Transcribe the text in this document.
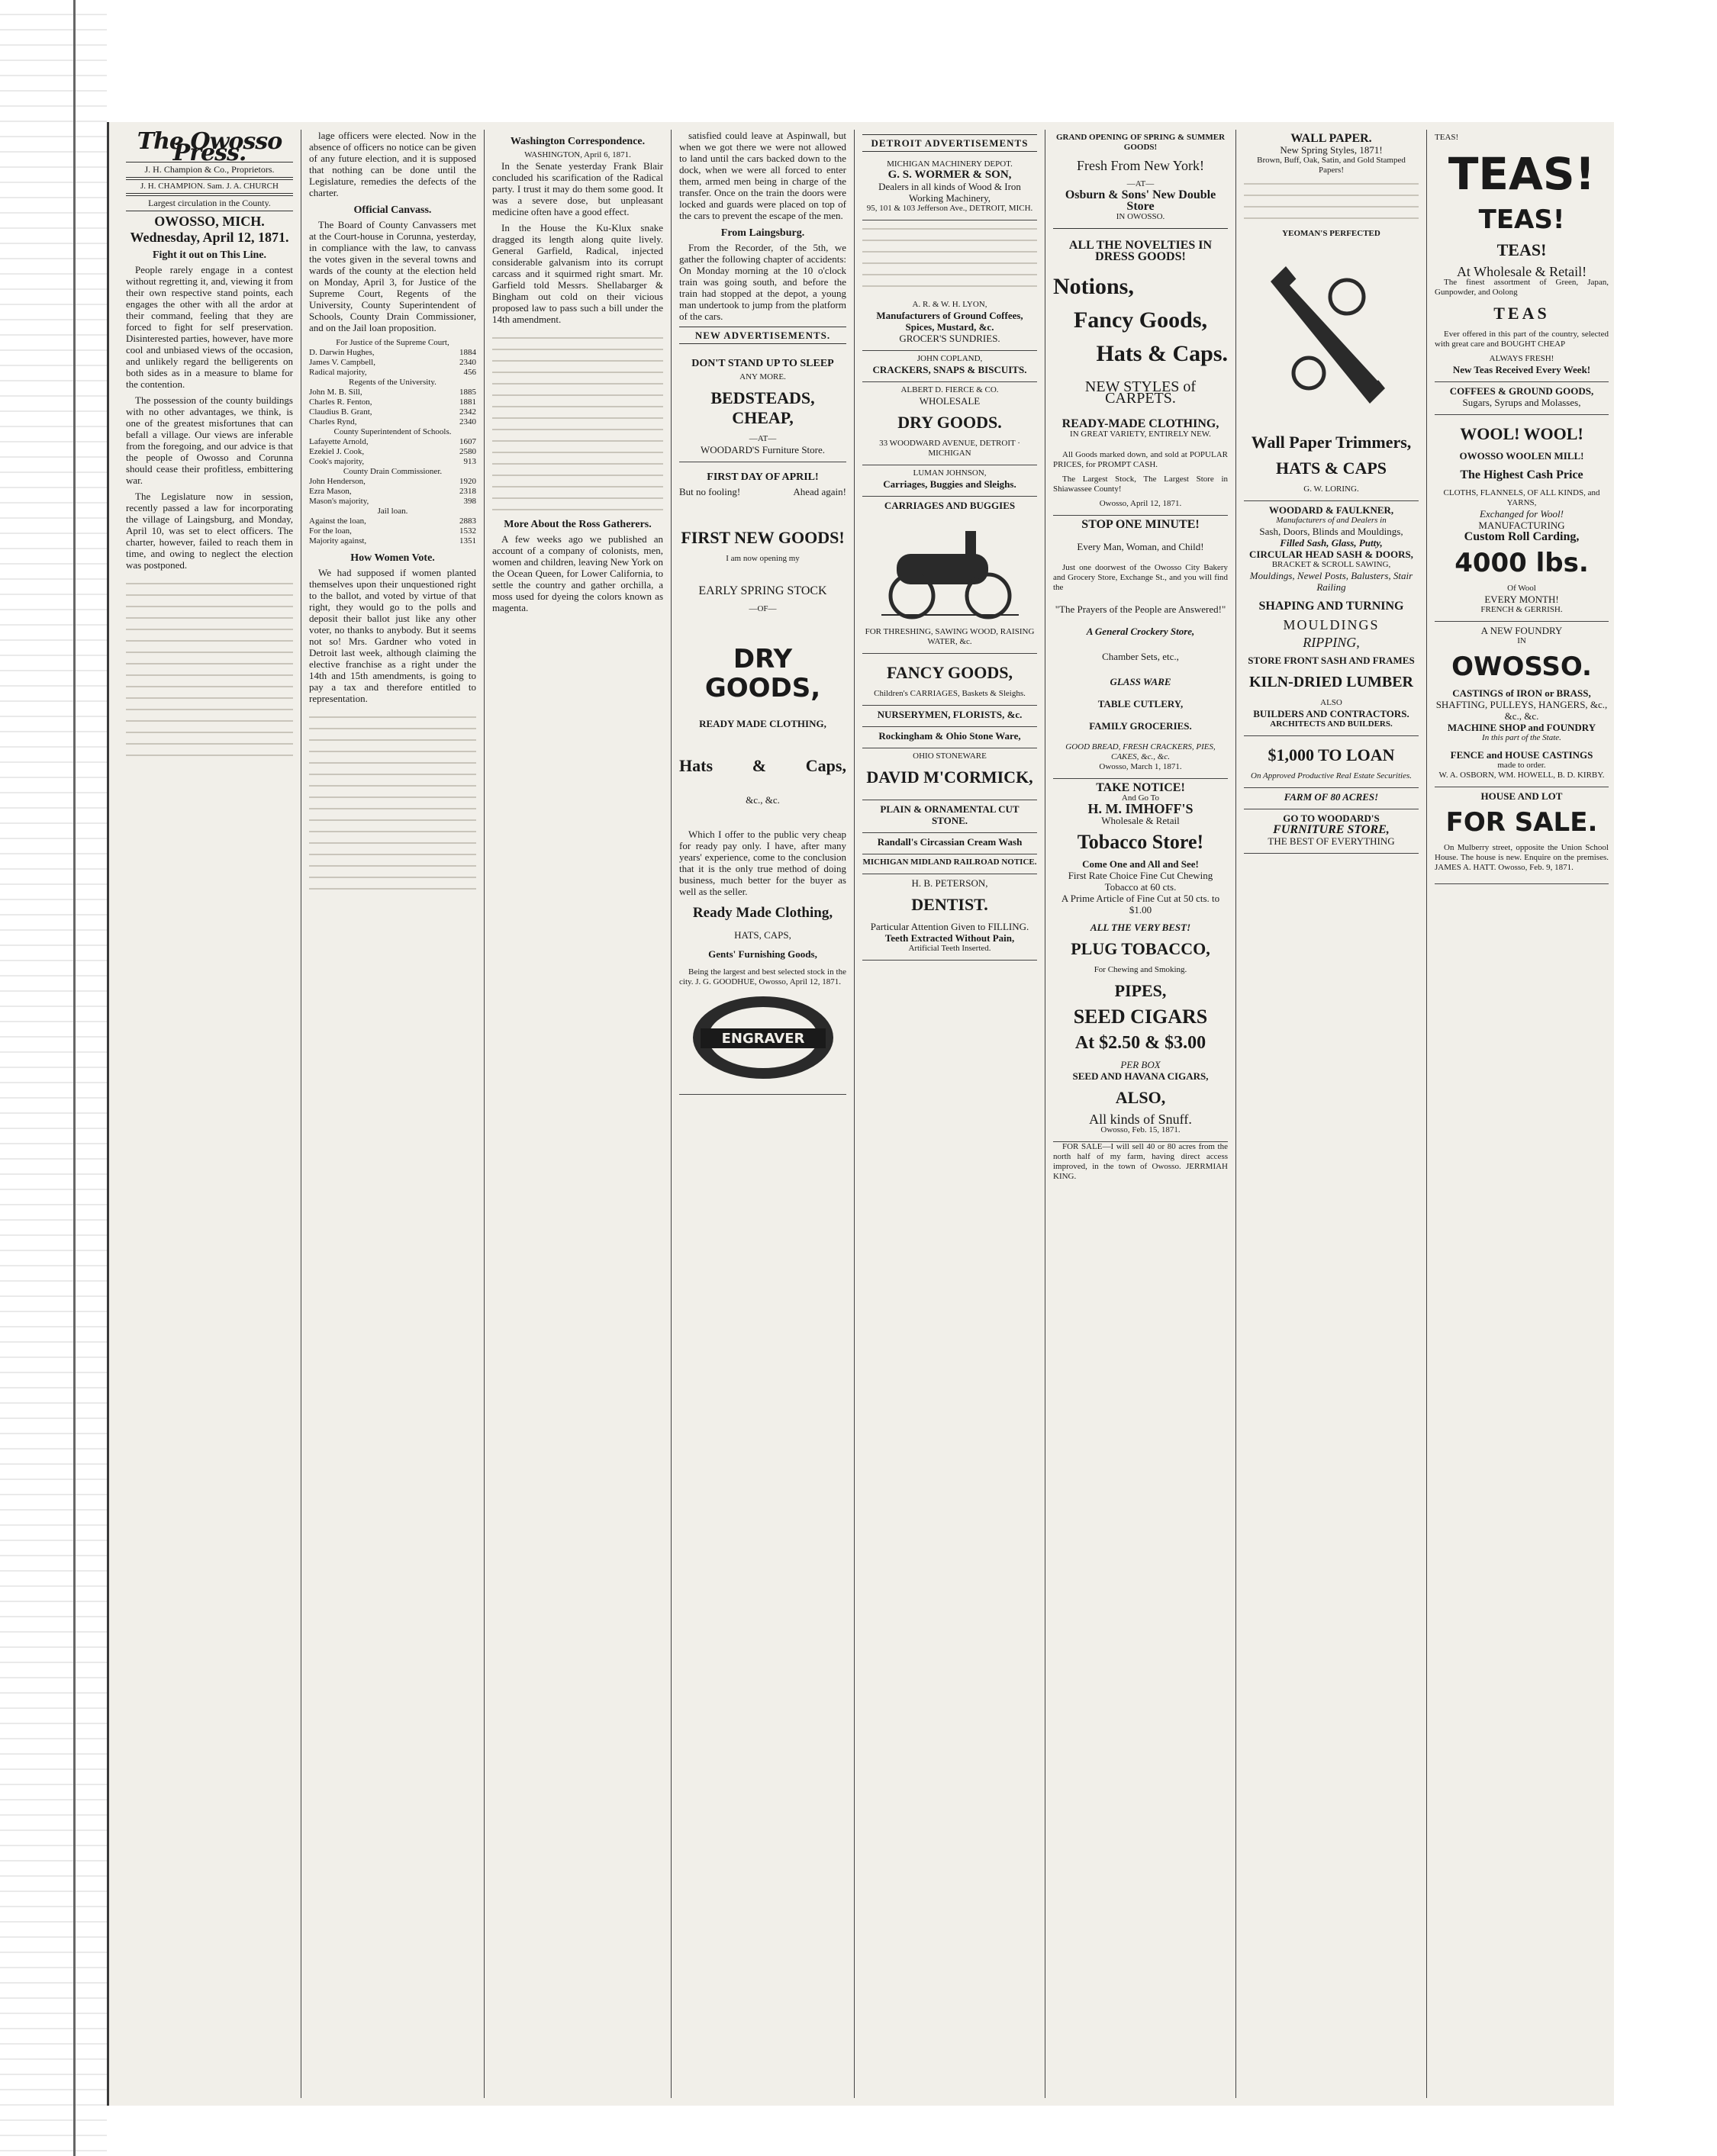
The Owosso Press.
J. H. Champion & Co., Proprietors.
J. H. CHAMPION. Sam. J. A. CHURCH
Largest circulation in the County.
OWOSSO, MICH.
Wednesday, April 12, 1871.
Fight it out on This Line.

People rarely engage in a contest without regretting it, and, viewing it from their own respective stand points, each engages the other with all the ardor at their command, feeling that they are forced to fight for self preservation. Disinterested parties, however, have more cool and unbiased views of the occasion, and unlikely regard the belligerents on both sides as in a measure to blame for the contention.

The possession of the county buildings with no other advantages, we think, is one of the greatest misfortunes that can befall a village. Our views are inferable from the foregoing, and our advice is that the people of Owosso and Corunna should cease their profitless, embittering war.

The Legislature now in session, recently passed a law for incorporating the village of Laingsburg, and Monday, April 10, was set to elect officers. The charter, however, failed to reach them in time, and owing to neglect the election was postponed.

lage officers were elected. Now in the absence of officers no notice can be given of any future election, and it is supposed that nothing can be done until the Legislature, remedies the defects of the charter.

Official Canvass.

The Board of County Canvassers met at the Court-house in Corunna, yesterday, in compliance with the law, to canvass the votes given in the several towns and wards of the county at the election held on Monday, April 3, for Justice of the Supreme Court, Regents of the University, County Superintendent of Schools, County Drain Commissioner, and on the Jail loan proposition.

For Justice of the Supreme Court,
D. Darwin Hughes,	1884
James V. Campbell,	2340
Radical majority,	456
Regents of the University.
John M. B. Sill,	1885
Charles R. Fenton,	1881
Claudius B. Grant,	2342
Charles Rynd,	2340
County Superintendent of Schools.
Lafayette Arnold,	1607
Ezekiel J. Cook,	2580
Cook's majority,	913
County Drain Commissioner.
John Henderson,	1920
Ezra Mason,	2318
Mason's majority,	398
Jail loan.
Against the loan,	2883
For the loan,	1532
Majority against,	1351
How Women Vote.

We had supposed if women planted themselves upon their unquestioned right to the ballot, and voted by virtue of that right, they would go to the polls and deposit their ballot just like any other voter, no thanks to anybody. But it seems not so! Mrs. Gardner who voted in Detroit last week, although claiming the elective franchise as a right under the 14th and 15th amendments, is going to pay a tax and therefore entitled to representation.

Washington Correspondence.
WASHINGTON, April 6, 1871.

In the Senate yesterday Frank Blair concluded his scarification of the Radical party. I trust it may do them some good. It was a severe dose, but unpleasant medicine often have a good effect.

In the House the Ku-Klux snake dragged its length along quite lively. General Garfield, Radical, injected considerable galvanism into its corrupt carcass and it squirmed right smart. Mr. Garfield told Messrs. Shellabarger & Bingham out cold on their vicious proposed law to pass such a bill under the 14th amendment.

More About the Ross Gatherers.

A few weeks ago we published an account of a company of colonists, men, women and children, leaving New York on the Ocean Queen, for Lower California, to settle the country and gather orchilla, a moss used for dyeing the colors known as magenta.

satisfied could leave at Aspinwall, but when we got there we were not allowed to land until the cars backed down to the dock, when we were all forced to enter them, armed men being in charge of the transfer. Once on the train the doors were locked and guards were placed on top of the cars to prevent the escape of the men.

From Laingsburg.

From the Recorder, of the 5th, we gather the following chapter of accidents: On Monday morning at the 10 o'clock train was going south, and before the train had stopped at the depot, a young man undertook to jump from the platform of the cars.

NEW ADVERTISEMENTS.
DON'T STAND UP TO SLEEP
ANY MORE.
BEDSTEADS, CHEAP,
—AT—
WOODARD'S Furniture Store.
FIRST DAY OF APRIL!
But no fooling!	Ahead again!
FIRST NEW GOODS!
I am now opening my
EARLY SPRING STOCK
—OF—
DRY GOODS,
READY MADE CLOTHING,
Hats & Caps,
&c., &c.

Which I offer to the public very cheap for ready pay only. I have, after many years' experience, come to the conclusion that it is the only true method of doing business, much better for the buyer as well as the seller.

Ready Made Clothing,
HATS, CAPS,
Gents' Furnishing Goods,

Being the largest and best selected stock in the city. J. G. GOODHUE, Owosso, April 12, 1871.

ENGRAVER
DETROIT ADVERTISEMENTS
MICHIGAN MACHINERY DEPOT.
G. S. WORMER & SON,
Dealers in all kinds of Wood & Iron Working Machinery,
95, 101 & 103 Jefferson Ave., DETROIT, MICH.
A. R. & W. H. LYON,
Manufacturers of Ground Coffees, Spices, Mustard, &c.
GROCER'S SUNDRIES.
JOHN COPLAND,
CRACKERS, SNAPS & BISCUITS.
ALBERT D. FIERCE & CO.
WHOLESALE
DRY GOODS.
33 WOODWARD AVENUE, DETROIT · MICHIGAN
LUMAN JOHNSON,
Carriages, Buggies and Sleighs.
CARRIAGES AND BUGGIES
FOR THRESHING, SAWING WOOD, RAISING WATER, &c.
FANCY GOODS,
Children's CARRIAGES, Baskets & Sleighs.
NURSERYMEN, FLORISTS, &c.
Rockingham & Ohio Stone Ware,
OHIO STONEWARE
DAVID M'CORMICK,
PLAIN & ORNAMENTAL CUT STONE.
Randall's Circassian Cream Wash
MICHIGAN MIDLAND RAILROAD NOTICE.
H. B. PETERSON,
DENTIST.
Particular Attention Given to FILLING.
Teeth Extracted Without Pain,
Artificial Teeth Inserted.
GRAND OPENING OF SPRING & SUMMER GOODS!
Fresh From New York!
—AT—
Osburn & Sons' New Double Store
IN OWOSSO.
ALL THE NOVELTIES IN DRESS GOODS!
Notions,
Fancy Goods,
Hats & Caps.
NEW STYLES of CARPETS.
READY-MADE CLOTHING,
IN GREAT VARIETY, ENTIRELY NEW.

All Goods marked down, and sold at POPULAR PRICES, for PROMPT CASH.

The Largest Stock, The Largest Store in Shiawassee County!

Owosso, April 12, 1871.
STOP ONE MINUTE!
Every Man, Woman, and Child!

Just one doorwest of the Owosso City Bakery and Grocery Store, Exchange St., and you will find the

"The Prayers of the People are Answered!"
A General Crockery Store,
Chamber Sets, etc.,
GLASS WARE
TABLE CUTLERY,
FAMILY GROCERIES.
GOOD BREAD, FRESH CRACKERS, PIES, CAKES, &c., &c.
Owosso, March 1, 1871.
TAKE NOTICE!
And Go To
H. M. IMHOFF'S
Wholesale & Retail
Tobacco Store!
Come One and All and See!
First Rate Choice Fine Cut Chewing Tobacco at 60 cts.
A Prime Article of Fine Cut at 50 cts. to $1.00
ALL THE VERY BEST!
PLUG TOBACCO,
For Chewing and Smoking.
PIPES,
SEED CIGARS
At $2.50 & $3.00
PER BOX
SEED AND HAVANA CIGARS,
ALSO,
All kinds of Snuff.
Owosso, Feb. 15, 1871.

FOR SALE—I will sell 40 or 80 acres from the north half of my farm, having direct access improved, in the town of Owosso. JERRMIAH KING.

WALL PAPER.
New Spring Styles, 1871!
Brown, Buff, Oak, Satin, and Gold Stamped Papers!
YEOMAN'S PERFECTED
Wall Paper Trimmers,
HATS & CAPS
G. W. LORING.
WOODARD & FAULKNER,
Manufacturers of and Dealers in
Sash, Doors, Blinds and Mouldings,
Filled Sash, Glass, Putty,
CIRCULAR HEAD SASH & DOORS,
BRACKET & SCROLL SAWING,
Mouldings, Newel Posts, Balusters, Stair Railing
SHAPING AND TURNING
MOULDINGS
RIPPING,
STORE FRONT SASH AND FRAMES
KILN-DRIED LUMBER
ALSO
BUILDERS AND CONTRACTORS.
ARCHITECTS AND BUILDERS.
$1,000 TO LOAN
On Approved Productive Real Estate Securities.
FARM OF 80 ACRES!
GO TO WOODARD'S
FURNITURE STORE,
THE BEST OF EVERYTHING
TEAS!
TEAS!
TEAS!
TEAS!
At Wholesale & Retail!

The finest assortment of Green, Japan, Gunpowder, and Oolong

TEAS

Ever offered in this part of the country, selected with great care and BOUGHT CHEAP

ALWAYS FRESH!
New Teas Received Every Week!
COFFEES & GROUND GOODS,
Sugars, Syrups and Molasses,
WOOL! WOOL!
OWOSSO WOOLEN MILL!
The Highest Cash Price
CLOTHS, FLANNELS, OF ALL KINDS, and YARNS,
Exchanged for Wool!
MANUFACTURING
Custom Roll Carding,
4000 lbs.
Of Wool
EVERY MONTH!
FRENCH & GERRISH.
A NEW FOUNDRY
IN
OWOSSO.
CASTINGS of IRON or BRASS,
SHAFTING, PULLEYS, HANGERS, &c., &c., &c.
MACHINE SHOP and FOUNDRY
In this part of the State.
FENCE and HOUSE CASTINGS
made to order.
W. A. OSBORN, WM. HOWELL, B. D. KIRBY.
HOUSE AND LOT
FOR SALE.

On Mulberry street, opposite the Union School House. The house is new. Enquire on the premises. JAMES A. HATT. Owosso, Feb. 9, 1871.
